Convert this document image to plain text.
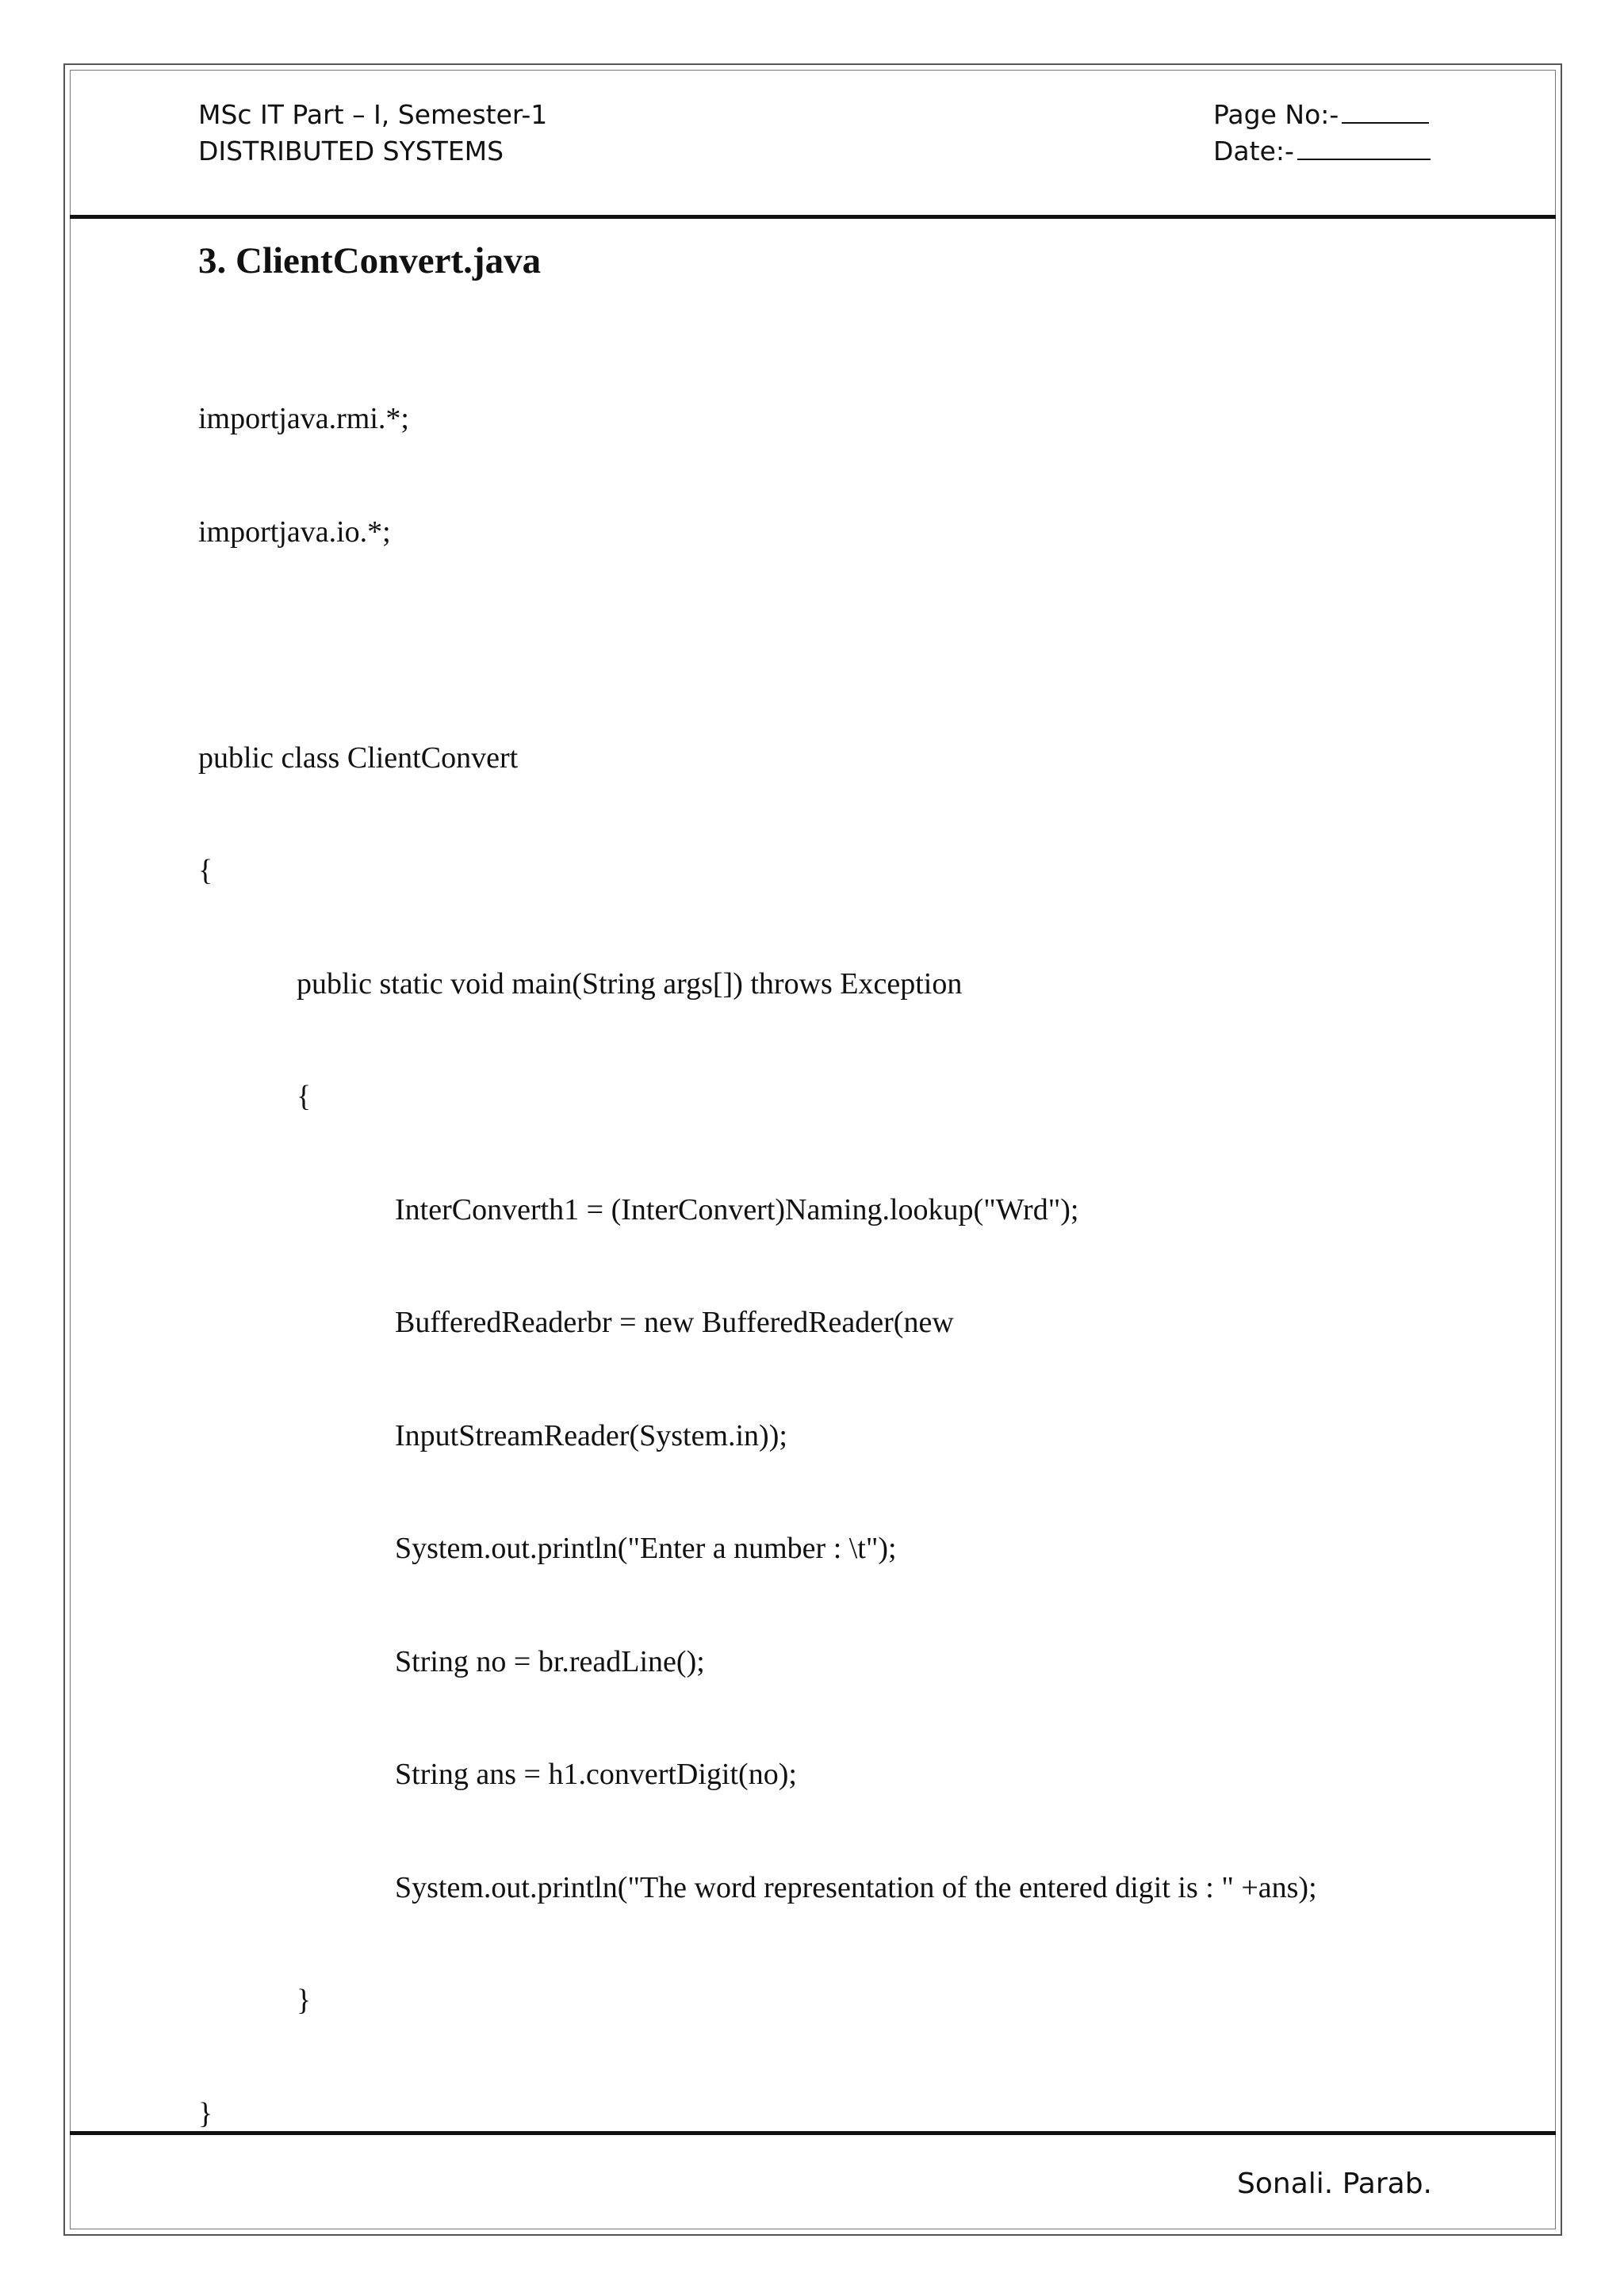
MSc IT Part – I, Semester-1
DISTRIBUTED SYSTEMS
Page No:-
Date:-
3. ClientConvert.java

importjava.rmi.*;

importjava.io.*;

public class ClientConvert

{

public static void main(String args[]) throws Exception

{

InterConverth1 = (InterConvert)Naming.lookup("Wrd");

BufferedReaderbr = new BufferedReader(new

InputStreamReader(System.in));

System.out.println("Enter a number : \t");

String no = br.readLine();

String ans = h1.convertDigit(no);

System.out.println("The word representation of the entered digit is : " +ans);

}

}

Sonali. Parab.
